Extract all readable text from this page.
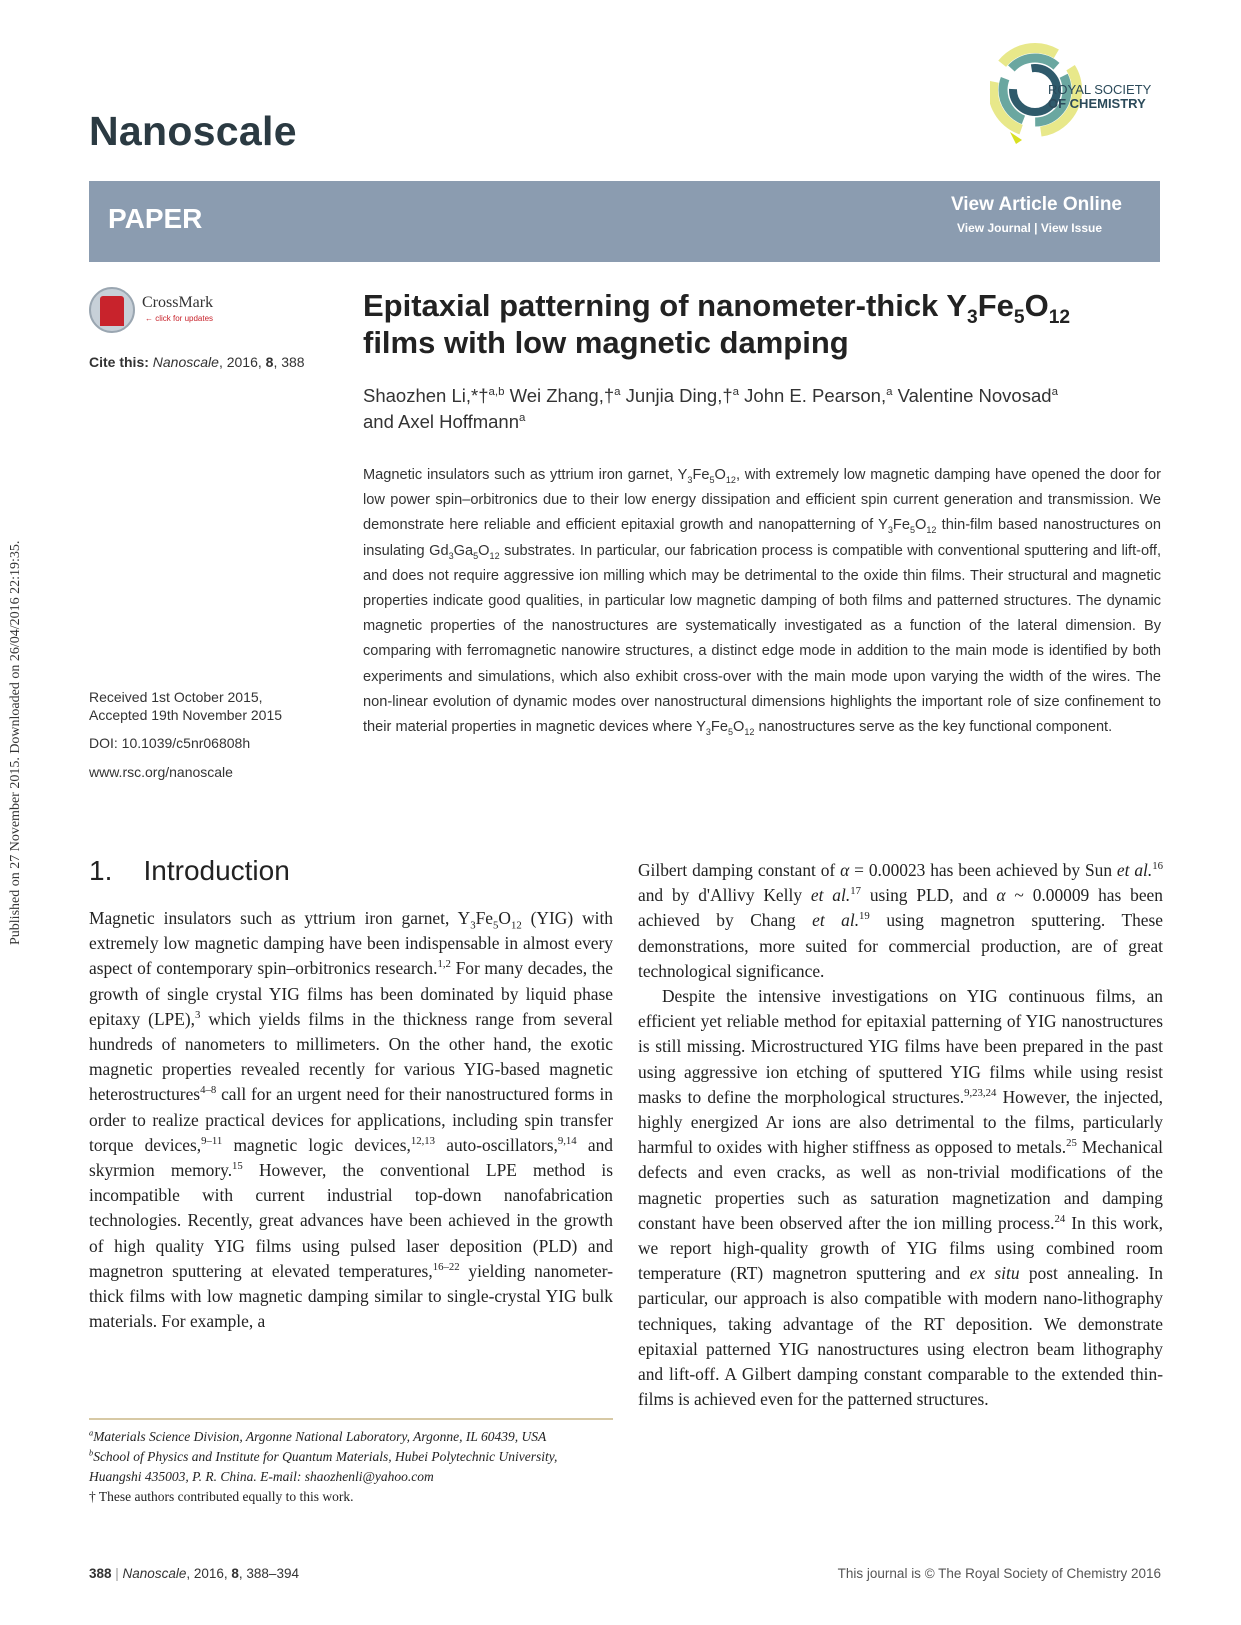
Published on 27 November 2015. Downloaded on 26/04/2016 22:19:35.
Nanoscale
ROYAL SOCIETY
OF CHEMISTRY
PAPER	View Article Online
View Journal | View Issue
CrossMark
← click for updates
Cite this: Nanoscale, 2016, 8, 388
Epitaxial patterning of nanometer-thick $Y_3Fe_5O_{12}$
films with low magnetic damping
Shaozhen Li,*†$^{a,b}$ Wei Zhang,†$^a$ Junjia Ding,†$^a$ John E. Pearson,$^a$ Valentine Novosad$^a$
and Axel Hoffmann$^a$
Magnetic insulators such as yttrium iron garnet, $Y_3Fe_5O_{12}$, with extremely low magnetic damping have opened the door for low power spin–orbitronics due to their low energy dissipation and efficient spin current generation and transmission. We demonstrate here reliable and efficient epitaxial growth and nanopatterning of $Y_3Fe_5O_{12}$ thin-film based nanostructures on insulating $Gd_3Ga_5O_{12}$ substrates. In particular, our fabrication process is compatible with conventional sputtering and lift-off, and does not require aggressive ion milling which may be detrimental to the oxide thin films. Their structural and magnetic properties indicate good qualities, in particular low magnetic damping of both films and patterned structures. The dynamic magnetic properties of the nanostructures are systematically investigated as a function of the lateral dimension. By comparing with ferromagnetic nanowire structures, a distinct edge mode in addition to the main mode is identified by both experiments and simulations, which also exhibit cross-over with the main mode upon varying the width of the wires. The non-linear evolution of dynamic modes over nanostructural dimensions highlights the important role of size confinement to their material properties in magnetic devices where $Y_3Fe_5O_{12}$ nanostructures serve as the key functional component.
Received 1st October 2015,
Accepted 19th November 2015
DOI: 10.1039/c5nr06808h
www.rsc.org/nanoscale
1. Introduction

Magnetic insulators such as yttrium iron garnet, $Y_3Fe_5O_{12}$ (YIG) with extremely low magnetic damping have been indispensable in almost every aspect of contemporary spin–orbitronics research.$^{1,2}$ For many decades, the growth of single crystal YIG films has been dominated by liquid phase epitaxy (LPE),$^3$ which yields films in the thickness range from several hundreds of nanometers to millimeters. On the other hand, the exotic magnetic properties revealed recently for various YIG-based magnetic heterostructures$^{4-8}$ call for an urgent need for their nanostructured forms in order to realize practical devices for applications, including spin transfer torque devices,$^{9-11}$ magnetic logic devices,$^{12,13}$ auto-oscillators,$^{9,14}$ and skyrmion memory.$^{15}$ However, the conventional LPE method is incompatible with current industrial top-down nanofabrication technologies. Recently, great advances have been achieved in the growth of high quality YIG films using pulsed laser deposition (PLD) and magnetron sputtering at elevated temperatures,$^{16-22}$ yielding nanometer-thick films with low magnetic damping similar to single-crystal YIG bulk materials. For example, a

Gilbert damping constant of α = 0.00023 has been achieved by Sun et al.$^{16}$ and by d'Allivy Kelly et al.$^{17}$ using PLD, and α ~ 0.00009 has been achieved by Chang et al.$^{19}$ using magnetron sputtering. These demonstrations, more suited for commercial production, are of great technological significance.

Despite the intensive investigations on YIG continuous films, an efficient yet reliable method for epitaxial patterning of YIG nanostructures is still missing. Microstructured YIG films have been prepared in the past using aggressive ion etching of sputtered YIG films while using resist masks to define the morphological structures.$^{9,23,24}$ However, the injected, highly energized Ar ions are also detrimental to the films, particularly harmful to oxides with higher stiffness as opposed to metals.$^{25}$ Mechanical defects and even cracks, as well as non-trivial modifications of the magnetic properties such as saturation magnetization and damping constant have been observed after the ion milling process.$^{24}$ In this work, we report high-quality growth of YIG films using combined room temperature (RT) magnetron sputtering and ex situ post annealing. In particular, our approach is also compatible with modern nano-lithography techniques, taking advantage of the RT deposition. We demonstrate epitaxial patterned YIG nanostructures using electron beam lithography and lift-off. A Gilbert damping constant comparable to the extended thin-films is achieved even for the patterned structures.

$^a$Materials Science Division, Argonne National Laboratory, Argonne, IL 60439, USA
$^b$School of Physics and Institute for Quantum Materials, Hubei Polytechnic University, Huangshi 435003, P. R. China. E-mail: shaozhenli@yahoo.com
† These authors contributed equally to this work.
388 | Nanoscale, 2016, 8, 388–394	This journal is © The Royal Society of Chemistry 2016
